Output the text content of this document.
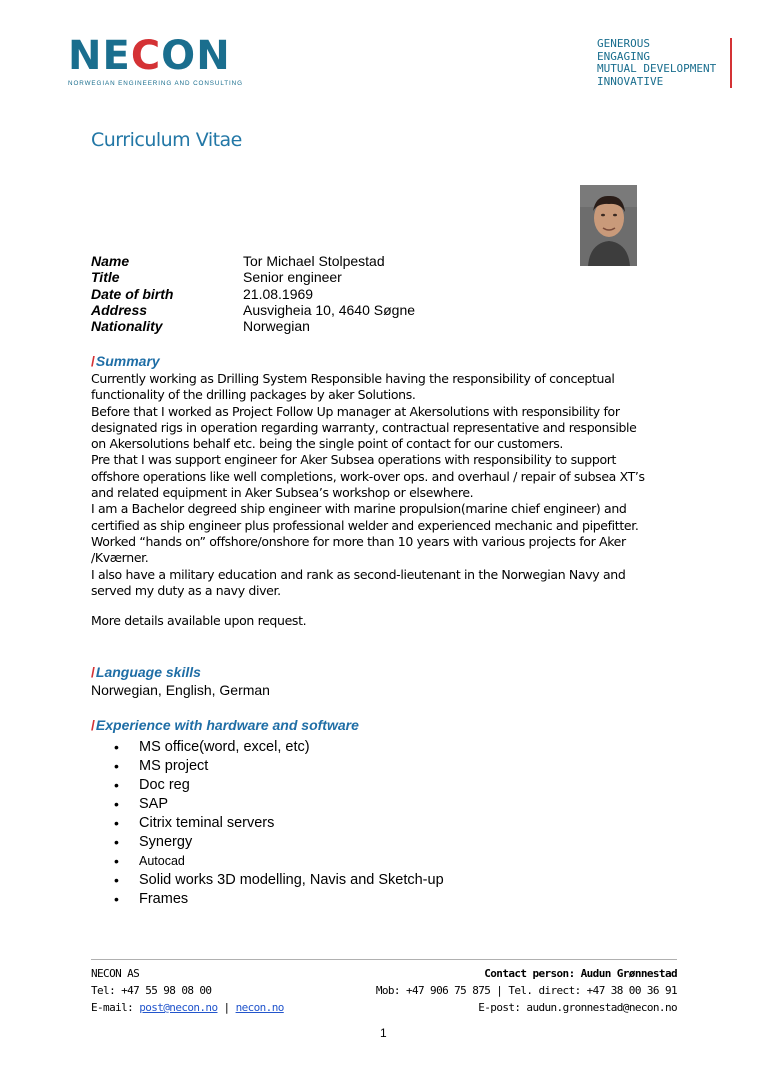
NE C O N
NORWEGIAN ENGINEERING AND CONSULTING
GENEROUS
ENGAGING
MUTUAL DEVELOPMENT
INNOVATIVE
Curriculum Vitae
Name	Tor Michael Stolpestad
Title	Senior engineer
Date of birth	21.08.1969
Address	Ausvigheia 10, 4640 Søgne
Nationality	Norwegian
/Summary
Currently working as Drilling System Responsible having the responsibility of conceptual
functionality of the drilling packages by aker Solutions.
Before that I worked as Project Follow Up manager at Akersolutions with responsibility for
designated rigs in operation regarding warranty, contractual representative and responsible
on Akersolutions behalf etc. being the single point of contact for our customers.
Pre that I was support engineer for Aker Subsea operations with responsibility to support
offshore operations like well completions, work-over ops. and overhaul / repair of subsea XT’s
and related equipment in Aker Subsea’s workshop or elsewhere.
I am a Bachelor degreed ship engineer with marine propulsion(marine chief engineer) and
certified as ship engineer plus professional welder and experienced mechanic and pipefitter.
Worked “hands on” offshore/onshore for more than 10 years with various projects for Aker
/Kværner.
I also have a military education and rank as second-lieutenant in the Norwegian Navy and
served my duty as a navy diver.
More details available upon request.
/Language skills
Norwegian, English, German
/Experience with hardware and software
• MS office(word, excel, etc)
• MS project
• Doc reg
• SAP
• Citrix teminal servers
• Synergy
• Autocad
• Solid works 3D modelling, Navis and Sketch-up
• Frames
NECON AS
Tel: +47 55 98 08 00
E-mail: post@necon.no | necon.no
Contact person: Audun Grønnestad
Mob: +47 906 75 875 | Tel. direct: +47 38 00 36 91
E-post: audun.gronnestad@necon.no
1
